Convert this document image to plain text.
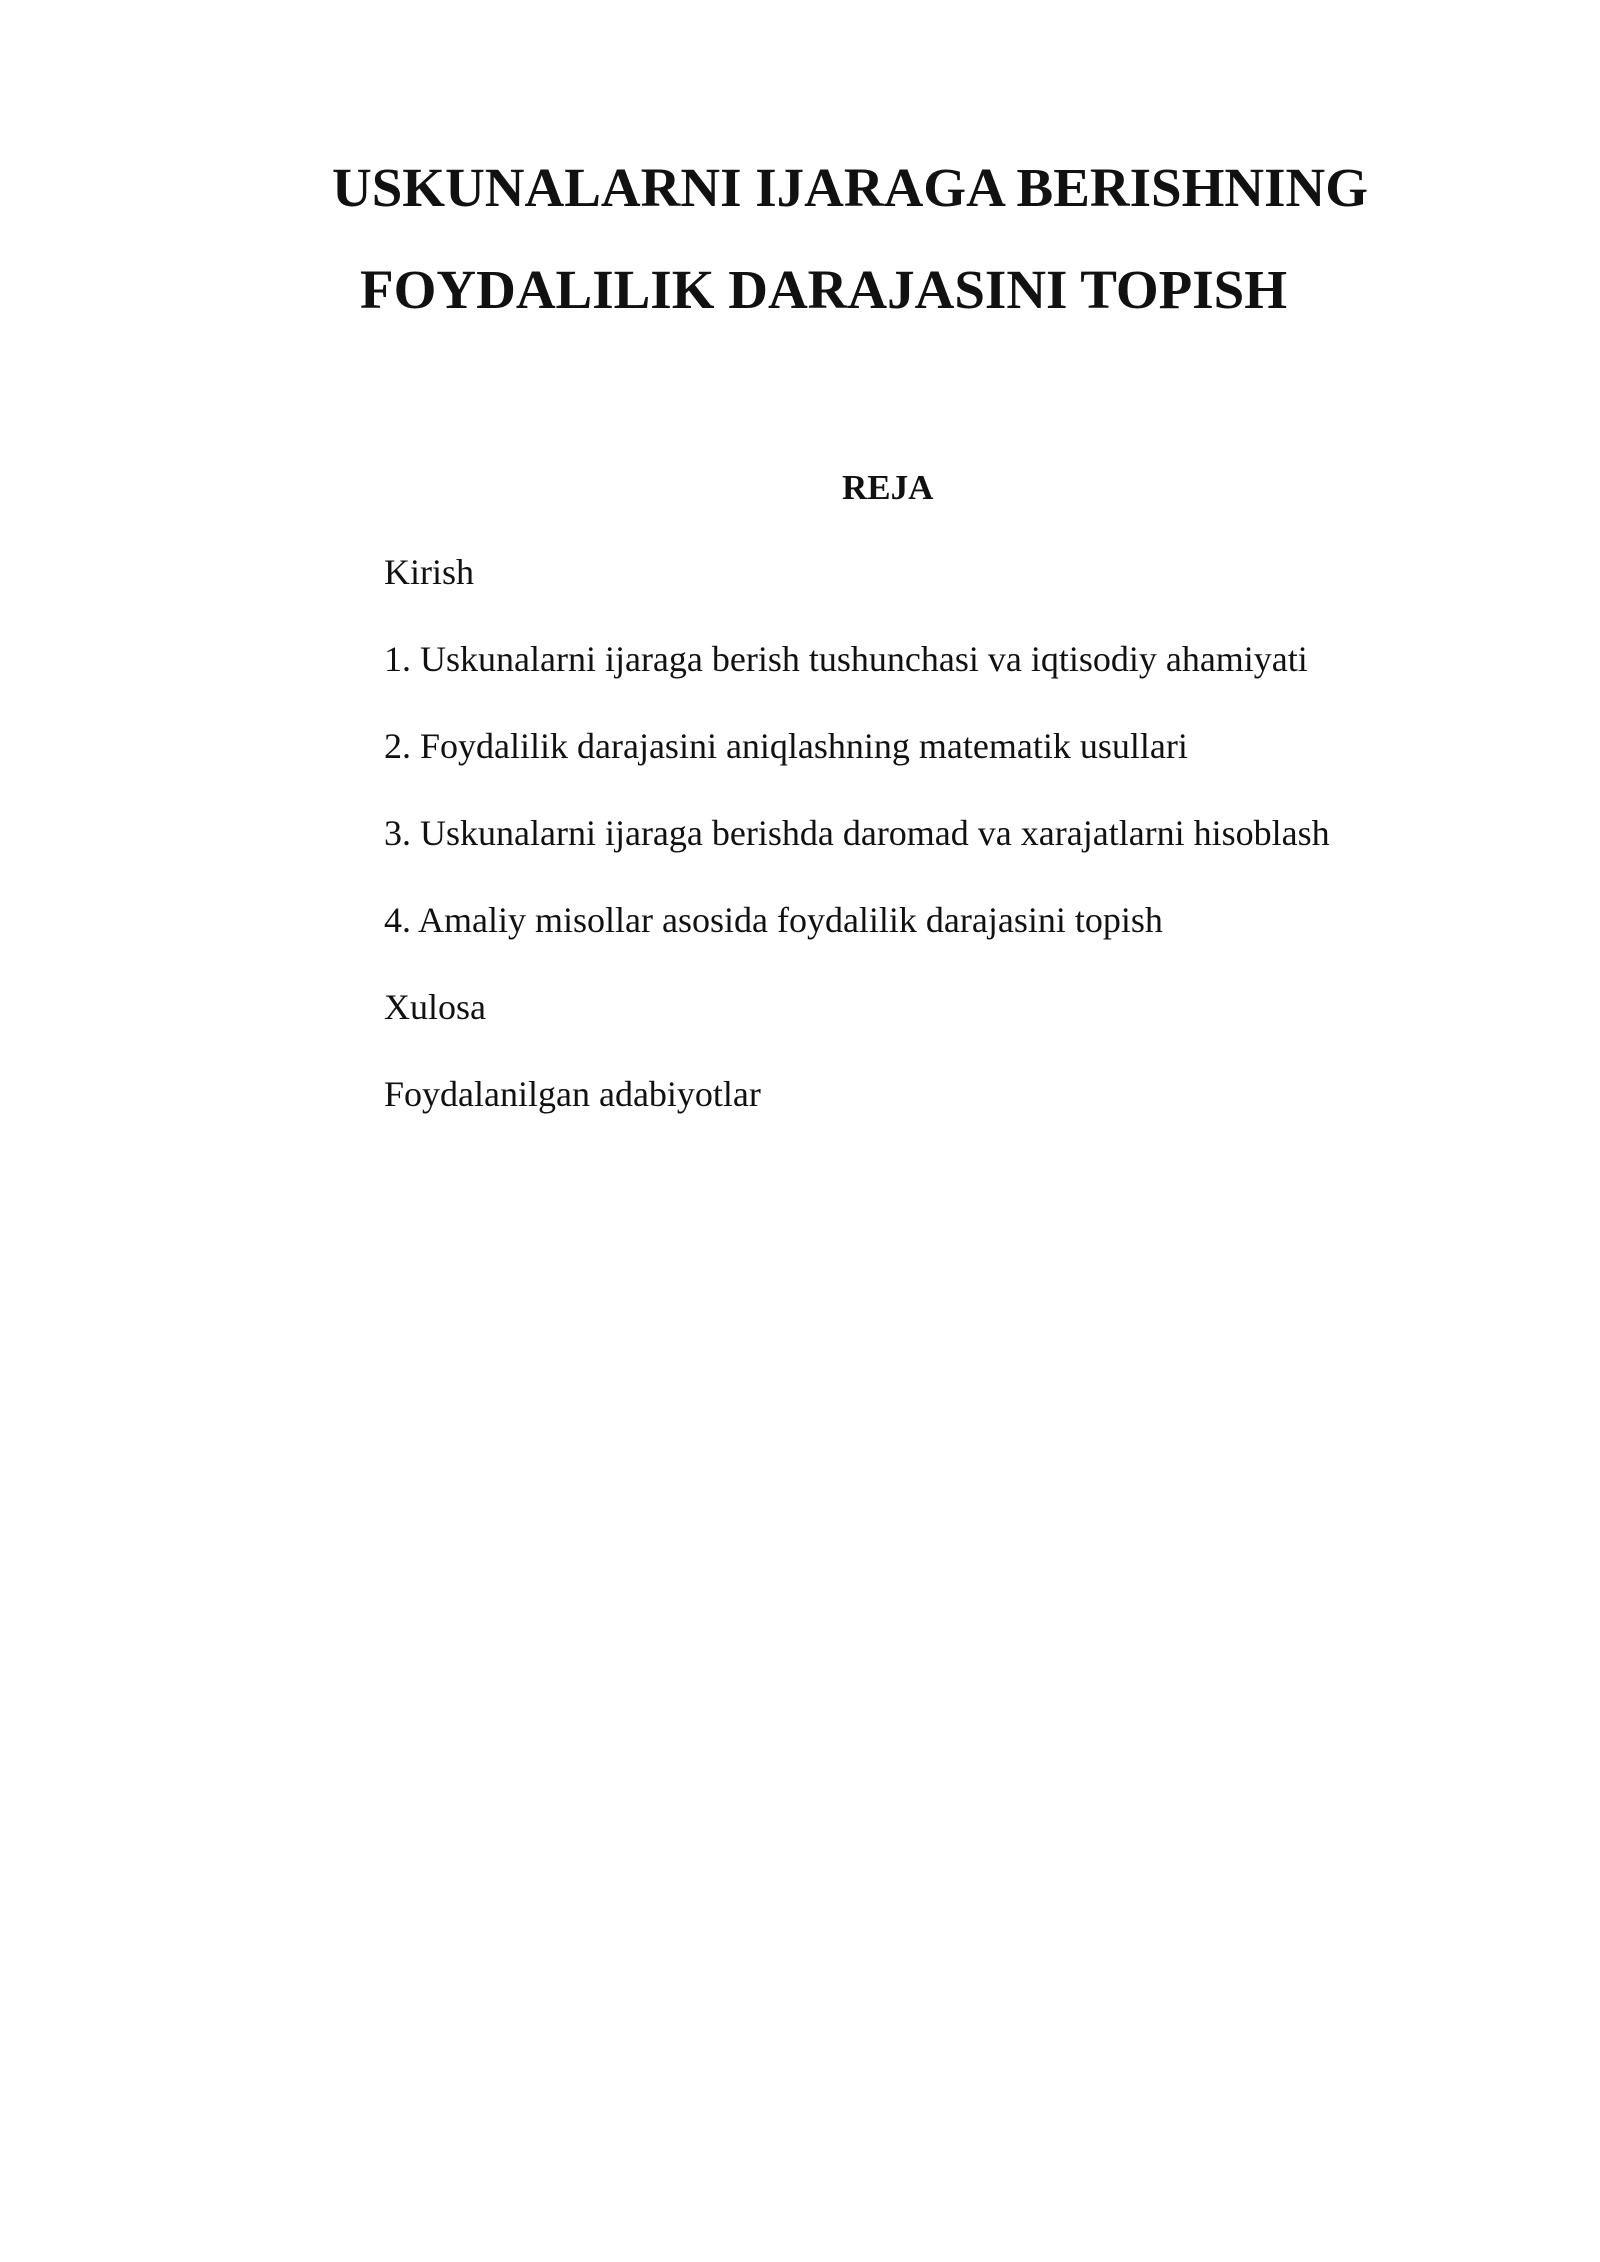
USKUNALARNI IJARAGA BERISHNING
FOYDALILIK DARAJASINI TOPISH
REJA
Kirish
1. Uskunalarni ijaraga berish tushunchasi va iqtisodiy ahamiyati
2. Foydalilik darajasini aniqlashning matematik usullari
3. Uskunalarni ijaraga berishda daromad va xarajatlarni hisoblash
4. Amaliy misollar asosida foydalilik darajasini topish
Xulosa
Foydalanilgan adabiyotlar
